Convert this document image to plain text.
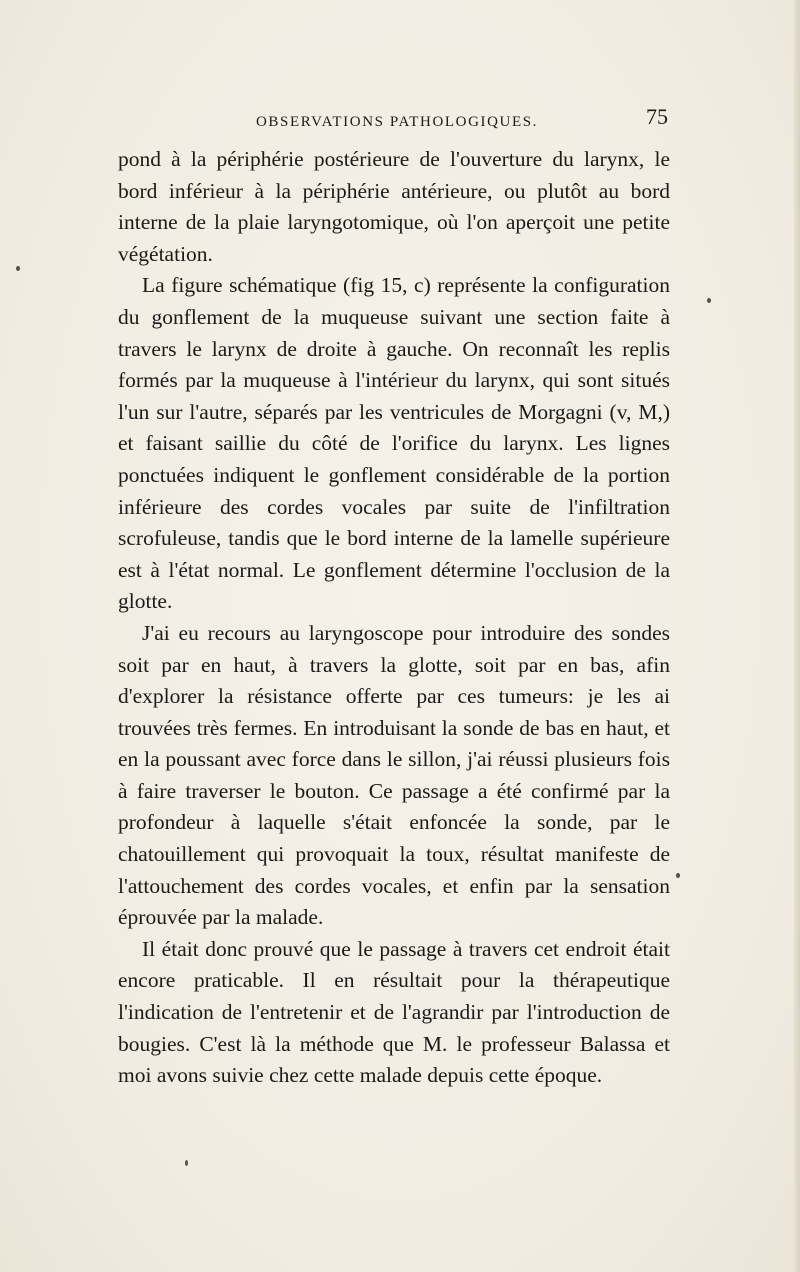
OBSERVATIONS PATHOLOGIQUES.	75

pond à la périphérie postérieure de l'ouverture du larynx, le bord inférieur à la périphérie antérieure, ou plutôt au bord interne de la plaie laryngotomique, où l'on aperçoit une petite végétation.

La figure schématique (fig 15, c) représente la configuration du gonflement de la muqueuse suivant une section faite à travers le larynx de droite à gauche. On reconnaît les replis formés par la muqueuse à l'intérieur du larynx, qui sont situés l'un sur l'autre, séparés par les ventricules de Morgagni (v, M,) et faisant saillie du côté de l'orifice du larynx. Les lignes ponctuées indiquent le gonflement considérable de la portion inférieure des cordes vocales par suite de l'infiltration scrofuleuse, tandis que le bord interne de la lamelle supérieure est à l'état normal. Le gonflement détermine l'occlusion de la glotte.

J'ai eu recours au laryngoscope pour introduire des sondes soit par en haut, à travers la glotte, soit par en bas, afin d'explorer la résistance offerte par ces tumeurs: je les ai trouvées très fermes. En introduisant la sonde de bas en haut, et en la poussant avec force dans le sillon, j'ai réussi plusieurs fois à faire traverser le bouton. Ce passage a été confirmé par la profondeur à laquelle s'était enfoncée la sonde, par le chatouillement qui provoquait la toux, résultat manifeste de l'attouchement des cordes vocales, et enfin par la sensation éprouvée par la malade.

Il était donc prouvé que le passage à travers cet endroit était encore praticable. Il en résultait pour la thérapeutique l'indication de l'entretenir et de l'agrandir par l'introduction de bougies. C'est là la méthode que M. le professeur Balassa et moi avons suivie chez cette malade depuis cette époque.
